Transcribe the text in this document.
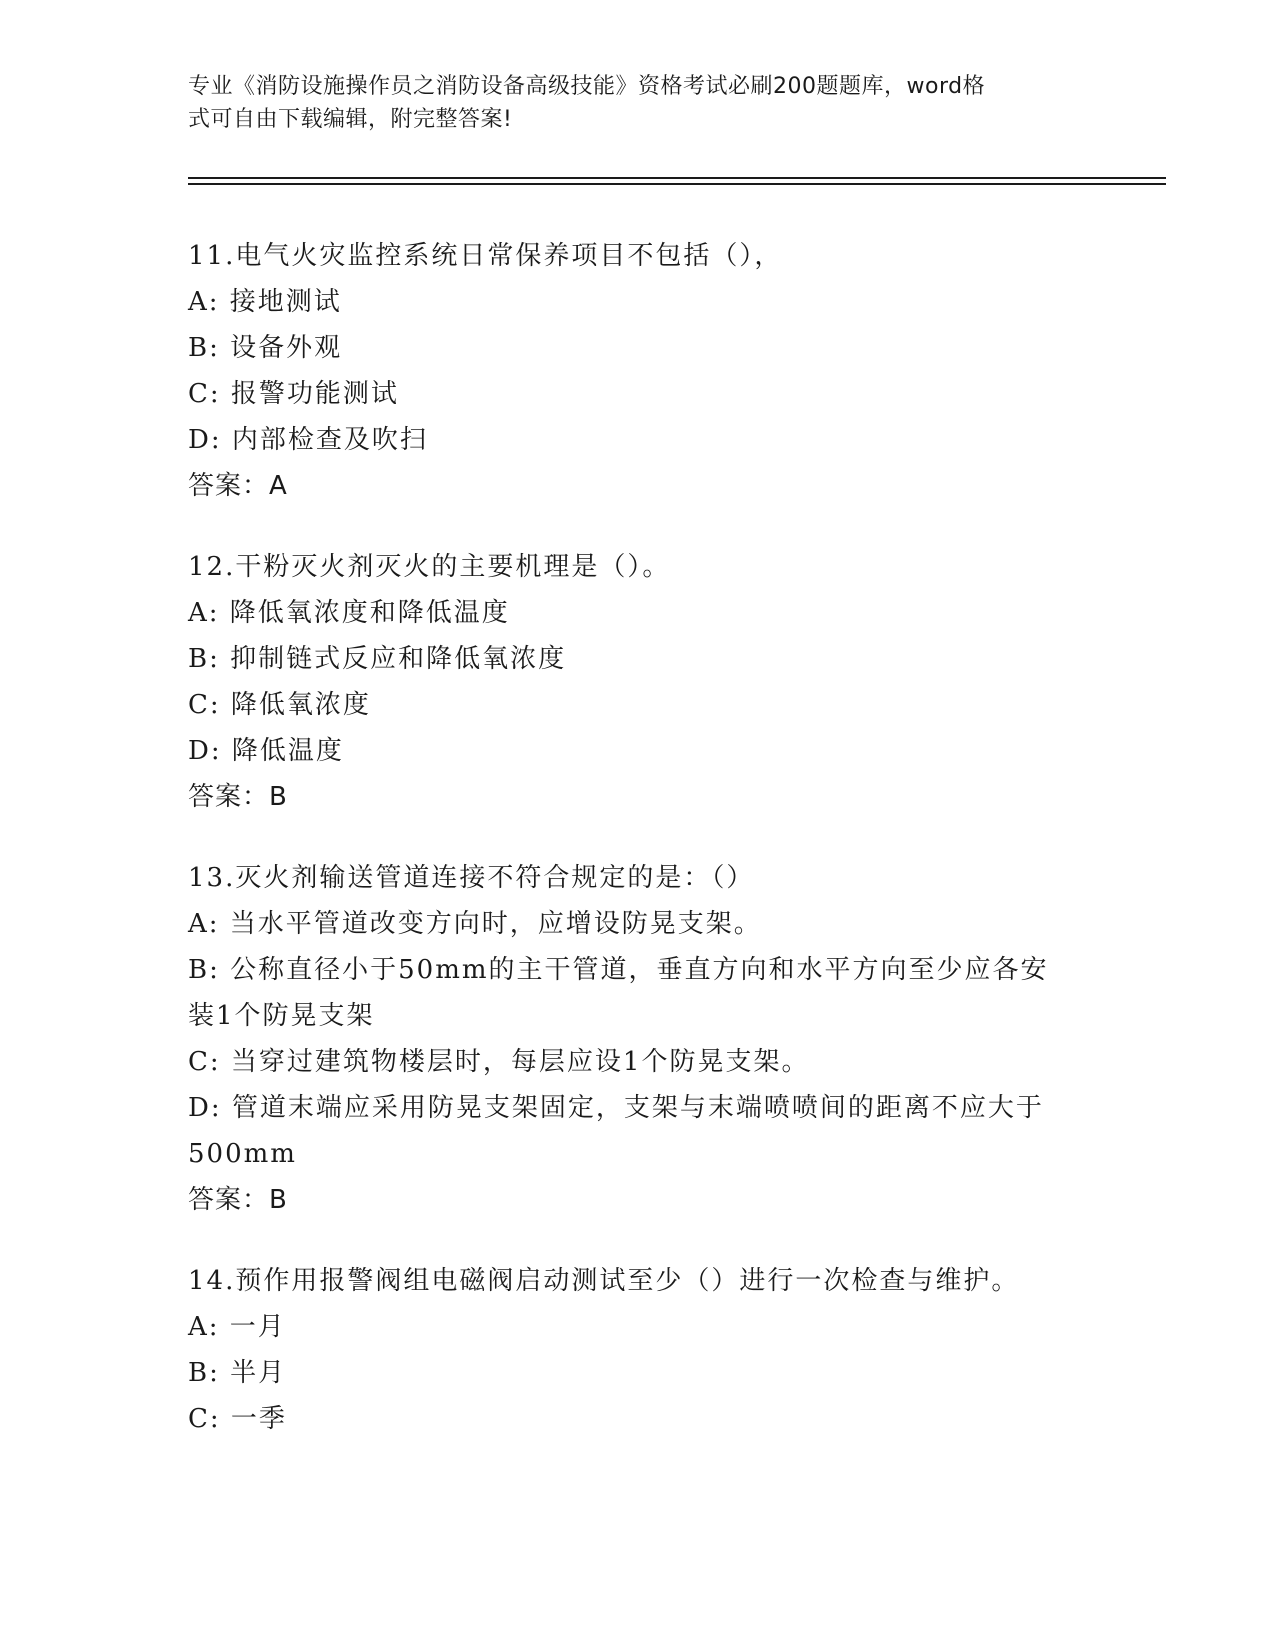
专业《消防设施操作员之消防设备高级技能》资格考试必刷200题题库，word格
式可自由下载编辑，附完整答案!
11.电气火灾监控系统日常保养项目不包括（），
A: 接地测试
B: 设备外观
C: 报警功能测试
D: 内部检查及吹扫
答案：A
12.干粉灭火剂灭火的主要机理是（）。
A: 降低氧浓度和降低温度
B: 抑制链式反应和降低氧浓度
C: 降低氧浓度
D: 降低温度
答案：B
13.灭火剂输送管道连接不符合规定的是：（）
A: 当水平管道改变方向时，应增设防晃支架。
B: 公称直径小于50mm的主干管道，垂直方向和水平方向至少应各安
装1个防晃支架
C: 当穿过建筑物楼层时，每层应设1个防晃支架。
D: 管道末端应采用防晃支架固定，支架与末端喷喷间的距离不应大于
500mm
答案：B
14.预作用报警阀组电磁阀启动测试至少（）进行一次检查与维护。
A: 一月
B: 半月
C: 一季
